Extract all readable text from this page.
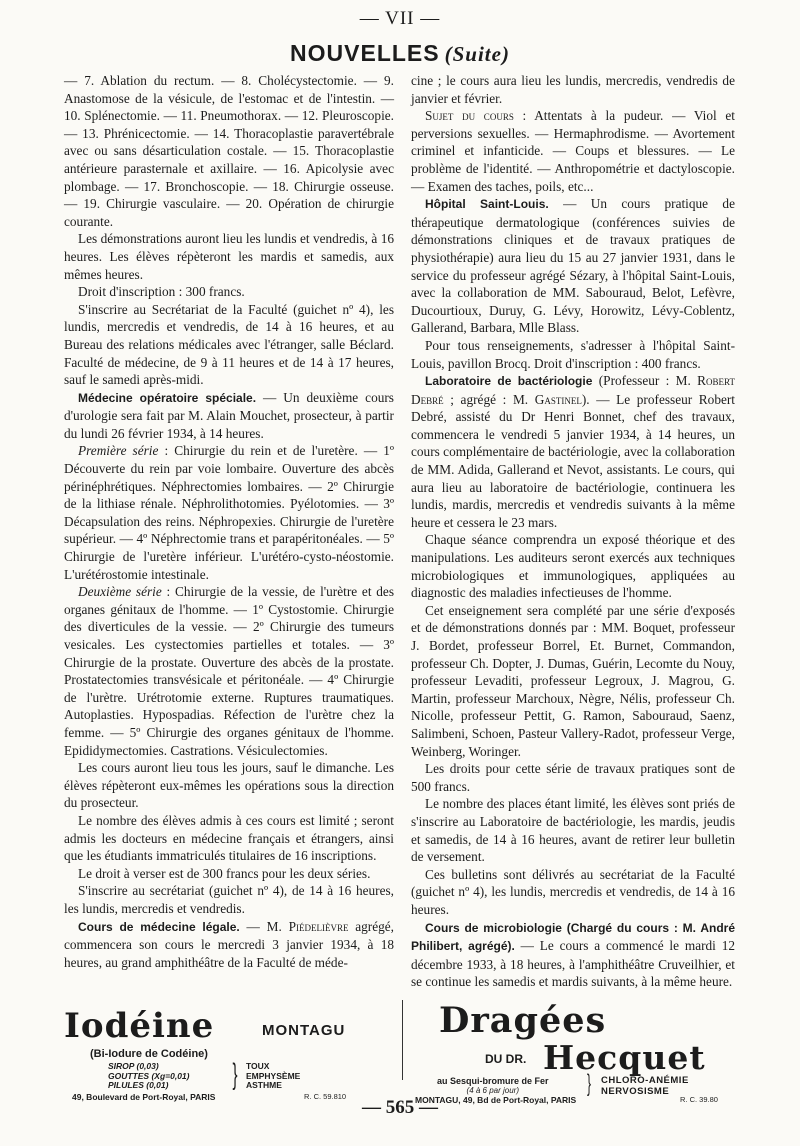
— VII —
NOUVELLES (Suite)

— 7. Ablation du rectum. — 8. Cholécystectomie. — 9. Anastomose de la vésicule, de l'estomac et de l'intestin. — 10. Splénectomie. — 11. Pneumothorax. — 12. Pleuroscopie. — 13. Phrénicectomie. — 14. Thoracoplastie paravertébrale avec ou sans désarticulation costale. — 15. Thoracoplastie antérieure parasternale et axillaire. — 16. Apicolysie avec plombage. — 17. Bronchoscopie. — 18. Chirurgie osseuse. — 19. Chirurgie vasculaire. — 20. Opération de chirurgie courante.

Les démonstrations auront lieu les lundis et vendredis, à 16 heures. Les élèves répèteront les mardis et samedis, aux mêmes heures.

Droit d'inscription : 300 francs.

S'inscrire au Secrétariat de la Faculté (guichet nº 4), les lundis, mercredis et vendredis, de 14 à 16 heures, et au Bureau des relations médicales avec l'étranger, salle Béclard. Faculté de médecine, de 9 à 11 heures et de 14 à 17 heures, sauf le samedi après-midi.

Médecine opératoire spéciale. — Un deuxième cours d'urologie sera fait par M. Alain Mouchet, prosecteur, à partir du lundi 26 février 1934, à 14 heures.

Première série : Chirurgie du rein et de l'uretère. — 1º Découverte du rein par voie lombaire. Ouverture des abcès périnéphrétiques. Néphrectomies lombaires. — 2º Chirurgie de la lithiase rénale. Néphrolithotomies. Pyélotomies. — 3º Décapsulation des reins. Néphropexies. Chirurgie de l'uretère supérieur. — 4º Néphrectomie trans et parapéritonéales. — 5º Chirurgie de l'uretère inférieur. L'urétéro-cysto-néostomie. L'urétérostomie intestinale.

Deuxième série : Chirurgie de la vessie, de l'urètre et des organes génitaux de l'homme. — 1º Cystostomie. Chirurgie des diverticules de la vessie. — 2º Chirurgie des tumeurs vesicales. Les cystectomies partielles et totales. — 3º Chirurgie de la prostate. Ouverture des abcès de la prostate. Prostatectomies transvésicale et péritonéale. — 4º Chirurgie de l'urètre. Urétrotomie externe. Ruptures traumatiques. Autoplasties. Hypospadias. Réfection de l'urètre chez la femme. — 5º Chirurgie des organes génitaux de l'homme. Epididymectomies. Castrations. Vésiculectomies.

Les cours auront lieu tous les jours, sauf le dimanche. Les élèves répèteront eux-mêmes les opérations sous la direction du prosecteur.

Le nombre des élèves admis à ces cours est limité ; seront admis les docteurs en médecine français et étrangers, ainsi que les étudiants immatriculés titulaires de 16 inscriptions.

Le droit à verser est de 300 francs pour les deux séries.

S'inscrire au secrétariat (guichet nº 4), de 14 à 16 heures, les lundis, mercredis et vendredis.

Cours de médecine légale. — M. Piédelièvre agrégé, commencera son cours le mercredi 3 janvier 1934, à 18 heures, au grand amphithéâtre de la Faculté de méde-

cine ; le cours aura lieu les lundis, mercredis, vendredis de janvier et février.

Sujet du cours : Attentats à la pudeur. — Viol et perversions sexuelles. — Hermaphrodisme. — Avortement criminel et infanticide. — Coups et blessures. — Le problème de l'identité. — Anthropométrie et dactyloscopie. — Examen des taches, poils, etc...

Hôpital Saint-Louis. — Un cours pratique de thérapeutique dermatologique (conférences suivies de démonstrations cliniques et de travaux pratiques de physiothérapie) aura lieu du 15 au 27 janvier 1931, dans le service du professeur agrégé Sézary, à l'hôpital Saint-Louis, avec la collaboration de MM. Sabouraud, Belot, Lefèvre, Ducourtioux, Duruy, G. Lévy, Horowitz, Lévy-Coblentz, Gallerand, Barbara, Mlle Blass.

Pour tous renseignements, s'adresser à l'hôpital Saint-Louis, pavillon Brocq. Droit d'inscription : 400 francs.

Laboratoire de bactériologie (Professeur : M. Robert Debré ; agrégé : M. Gastinel). — Le professeur Robert Debré, assisté du Dr Henri Bonnet, chef des travaux, commencera le vendredi 5 janvier 1934, à 14 heures, un cours complémentaire de bactériologie, avec la collaboration de MM. Adida, Gallerand et Nevot, assistants. Le cours, qui aura lieu au laboratoire de bactériologie, continuera les lundis, mardis, mercredis et vendredis suivants à la même heure et cessera le 23 mars.

Chaque séance comprendra un exposé théorique et des manipulations. Les auditeurs seront exercés aux techniques microbiologiques et immunologiques, appliquées au diagnostic des maladies infectieuses de l'homme.

Cet enseignement sera complété par une série d'exposés et de démonstrations donnés par : MM. Boquet, professeur J. Bordet, professeur Borrel, Et. Burnet, Commandon, professeur Ch. Dopter, J. Dumas, Guérin, Lecomte du Nouy, professeur Levaditi, professeur Legroux, J. Magrou, G. Martin, professeur Marchoux, Nègre, Nélis, professeur Ch. Nicolle, professeur Pettit, G. Ramon, Sabouraud, Saenz, Salimbeni, Schoen, Pasteur Vallery-Radot, professeur Verge, Weinberg, Woringer.

Les droits pour cette série de travaux pratiques sont de 500 francs.

Le nombre des places étant limité, les élèves sont priés de s'inscrire au Laboratoire de bactériologie, les mardis, jeudis et samedis, de 14 à 16 heures, avant de retirer leur bulletin de versement.

Ces bulletins sont délivrés au secrétariat de la Faculté (guichet nº 4), les lundis, mercredis et vendredis, de 14 à 16 heures.

Cours de microbiologie (Chargé du cours : M. André Philibert, agrégé). — Le cours a commencé le mardi 12 décembre 1933, à 18 heures, à l'amphithéâtre Cruveilhier, et se continue les samedis et mardis suivants, à la même heure.

Iodéine	MONTAGU
(Bi-Iodure de Codéine)
SIROP (0,03)
GOUTTES (Xg=0,01)
PILULES (0,01)	} TOUX
EMPHYSÈME
ASTHME
49, Boulevard de Port-Royal, PARIS	R. C. 59.810
Dragées
DU DR. Hecquet
au Sesqui-bromure de Fer
(4 à 6 par jour)	} CHLORO-ANÉMIE
NERVOSISME
MONTAGU, 49, Bd de Port-Royal, PARIS	R. C. 39.80
— 565 —
